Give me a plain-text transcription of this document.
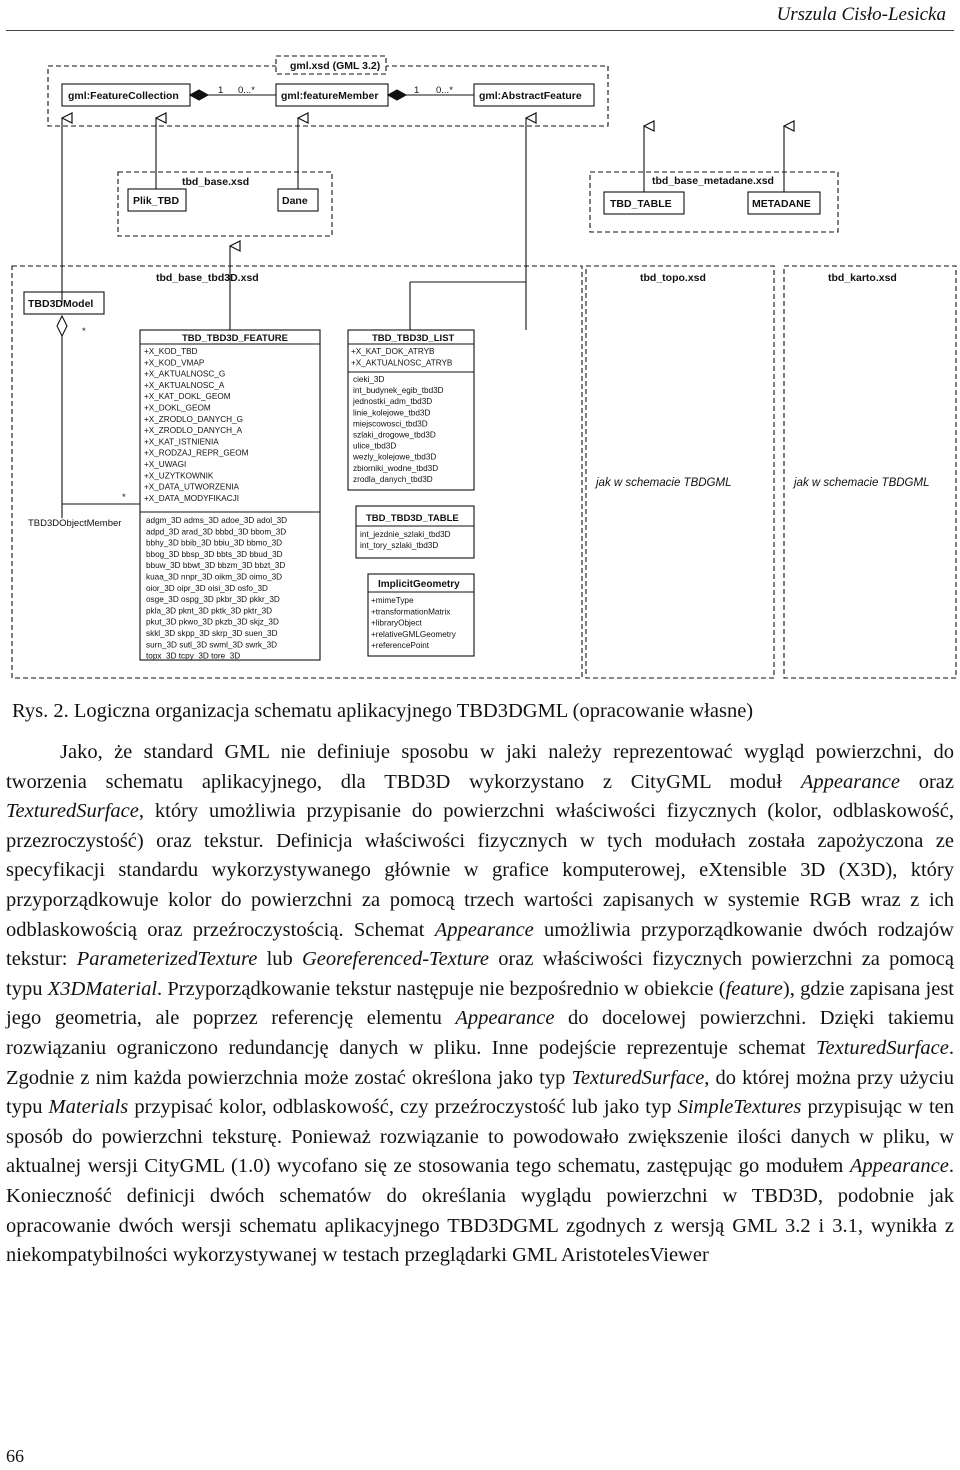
Urszula Cisło-Lesicka
gml.xsd (GML 3.2)
tbd_base.xsd	tbd_base_metadane.xsd
tbd_base_tbd3D.xsd	tbd_topo.xsd	tbd_karto.xsd
gml:FeatureCollection	gml:featureMember	gml:AbstractFeature
Plik_TBD	Dane	TBD_TABLE	METADANE
TBD3DModel
TBD_TBD3D_FEATURE	TBD_TBD3D_LIST
TBD_TBD3D_TABLE
ImplicitGeometry
TBD3DObjectMember
1 0...*	1 0...*
*
*
jak w schemacie TBDGML	jak w schemacie TBDGML
+X_KOD_TBD
+X_KOD_VMAP
+X_AKTUALNOSC_G
+X_AKTUALNOSC_A
+X_KAT_DOKL_GEOM
+X_DOKL_GEOM
+X_ZRODLO_DANYCH_G
+X_ZRODLO_DANYCH_A
+X_KAT_ISTNIENIA
+X_RODZAJ_REPR_GEOM
+X_UWAGI
+X_UZYTKOWNIK
+X_DATA_UTWORZENIA
+X_DATA_MODYFIKACJI
adgm_3D adms_3D adoe_3D adol_3D
adpd_3D arad_3D bbbd_3D bbom_3D
bbhy_3D bbib_3D bbiu_3D bbmo_3D
bbog_3D bbsp_3D bbts_3D bbud_3D
bbuw_3D bbwt_3D bbzm_3D bbzt_3D
kuaa_3D nnpr_3D oikm_3D oimo_3D
oior_3D oipr_3D oisi_3D osfo_3D
osge_3D ospg_3D pkbr_3D pkkr_3D
pkla_3D pknt_3D pktk_3D pktr_3D
pkut_3D pkwo_3D pkzb_3D skjz_3D
skkl_3D skpp_3D skrp_3D suen_3D
surn_3D sutl_3D swml_3D swrk_3D
topx_3D tcpy_3D tore_3D
+X_KAT_DOK_ATRYB
+X_AKTUALNOSC_ATRYB
cieki_3D
int_budynek_egib_tbd3D
jednostki_adm_tbd3D
linie_kolejowe_tbd3D
miejscowosci_tbd3D
szlaki_drogowe_tbd3D
ulice_tbd3D
wezly_kolejowe_tbd3D
zbiorniki_wodne_tbd3D
zrodla_danych_tbd3D
int_jezdnie_szlaki_tbd3D
int_tory_szlaki_tbd3D
+mimeType
+transformationMatrix
+libraryObject
+relativeGMLGeometry
+referencePoint
Rys. 2. Logiczna organizacja schematu aplikacyjnego TBD3DGML (opracowanie własne)

Jako, że standard GML nie definiuje sposobu w jaki należy reprezentować wygląd powierzchni, do tworzenia schematu aplikacyjnego, dla TBD3D wykorzystano z CityGML moduł Appearance oraz TexturedSurface, który umożliwia przypisanie do powierzchni właściwości fizycznych (kolor, odblaskowość, przezroczystość) oraz tekstur. Definicja właściwości fizycznych w tych modułach została zapożyczona ze specyfikacji standardu wykorzystywanego głównie w grafice komputerowej, eXtensible 3D (X3D), który przyporządkowuje kolor do powierzchni za pomocą trzech wartości zapisanych w systemie RGB wraz z ich odblaskowością oraz przeźroczystością. Schemat Appearance umożliwia przyporządkowanie dwóch rodzajów tekstur: ParameterizedTexture lub Georeferenced-Texture oraz właściwości fizycznych powierzchni za pomocą typu X3DMaterial. Przyporządkowanie tekstur następuje nie bezpośrednio w obiekcie (feature), gdzie zapisana jest jego geometria, ale poprzez referencję elementu Appearance do docelowej powierzchni. Dzięki takiemu rozwiązaniu ograniczono redundancję danych w pliku. Inne podejście reprezentuje schemat TexturedSurface. Zgodnie z nim każda powierzchnia może zostać określona jako typ TexturedSurface, do której można przy użyciu typu Materials przypisać kolor, odblaskowość, czy przeźroczystość lub jako typ SimpleTextures przypisując w ten sposób do powierzchni teksturę. Ponieważ rozwiązanie to powodowało zwiększenie ilości danych w pliku, w aktualnej wersji CityGML (1.0) wycofano się ze stosowania tego schematu, zastępując go modułem Appearance. Konieczność definicji dwóch schematów do określania wyglądu powierzchni w TBD3D, podobnie jak opracowanie dwóch wersji schematu aplikacyjnego TBD3DGML zgodnych z wersją GML 3.2 i 3.1, wynikła z niekompatybilności wykorzystywanej w testach przeglądarki GML AristotelesViewer

66
